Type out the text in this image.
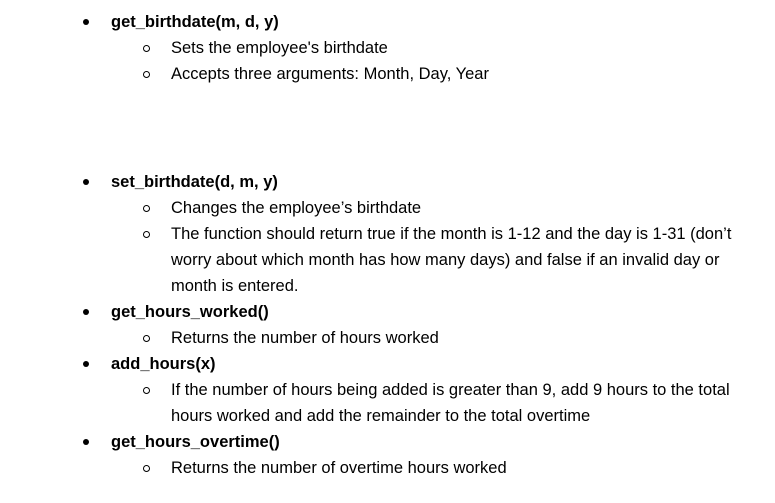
get_birthdate(m, d, y)
Sets the employee's birthdate
Accepts three arguments: Month, Day, Year
set_birthdate(d, m, y)
Changes the employee’s birthdate
The function should return true if the month is 1-12 and the day is 1-31 (don’t worry about which month has how many days) and false if an invalid day or month is entered.
get_hours_worked()
Returns the number of hours worked
add_hours(x)
If the number of hours being added is greater than 9, add 9 hours to the total hours worked and add the remainder to the total overtime
get_hours_overtime()
Returns the number of overtime hours worked
